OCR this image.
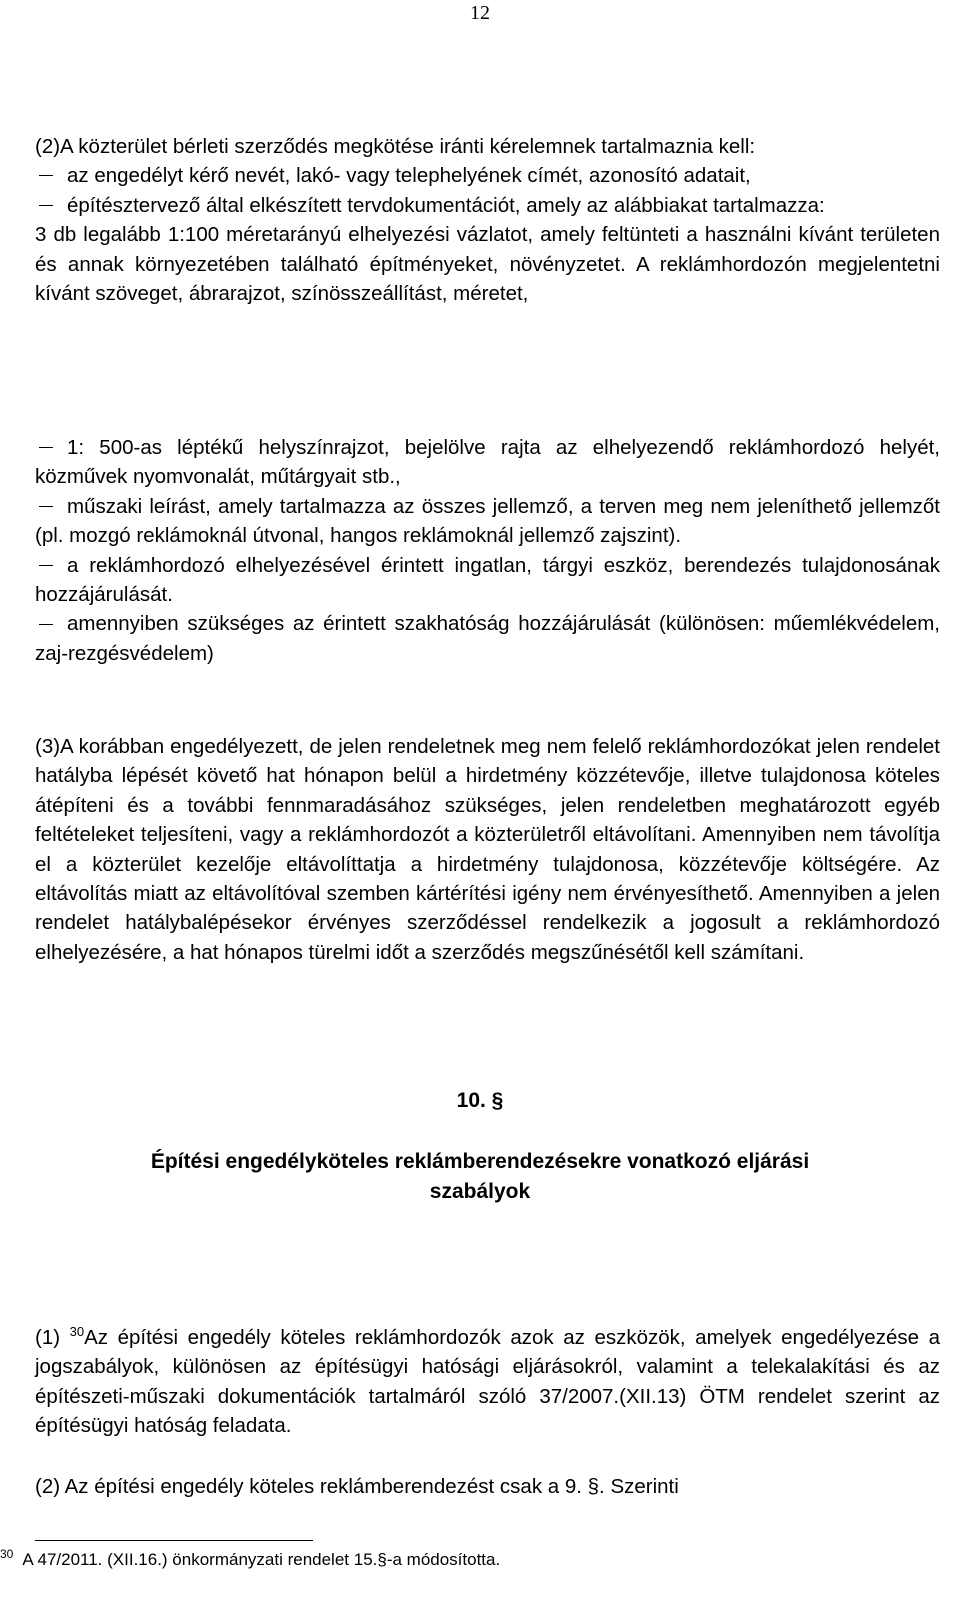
12

(2)A közterület bérleti szerződés megkötése iránti kérelemnek tartalmaznia kell:

az engedélyt kérő nevét, lakó- vagy telephelyének címét, azonosító adatait,

építésztervező által elkészített tervdokumentációt, amely az alábbiakat tartalmazza:

3 db legalább 1:100 méretarányú elhelyezési vázlatot, amely feltünteti a használni kívánt területen és annak környezetében található építményeket, növényzetet. A reklámhordozón megjelentetni kívánt szöveget, ábrarajzot, színösszeállítást, méretet,

1: 500-as léptékű helyszínrajzot, bejelölve rajta az elhelyezendő reklámhordozó helyét, közművek nyomvonalát, műtárgyait stb.,

műszaki leírást, amely tartalmazza az összes jellemző, a terven meg nem jeleníthető jellemzőt (pl. mozgó reklámoknál útvonal, hangos reklámoknál jellemző zajszint).

a reklámhordozó elhelyezésével érintett ingatlan, tárgyi eszköz, berendezés tulajdonosának hozzájárulását.

amennyiben szükséges az érintett szakhatóság hozzájárulását (különösen: műemlékvédelem, zaj-rezgésvédelem)

(3)A korábban engedélyezett, de jelen rendeletnek meg nem felelő reklámhordozókat jelen rendelet hatályba lépését követő hat hónapon belül a hirdetmény közzétevője, illetve tulajdonosa köteles átépíteni és a további fennmaradásához szükséges, jelen rendeletben meghatározott egyéb feltételeket teljesíteni, vagy a reklámhordozót a közterületről eltávolítani. Amennyiben nem távolítja el a közterület kezelője eltávolíttatja a hirdetmény tulajdonosa, közzétevője költségére. Az eltávolítás miatt az eltávolítóval szemben kártérítési igény nem érvényesíthető. Amennyiben a jelen rendelet hatálybalépésekor érvényes szerződéssel rendelkezik a jogosult a reklámhordozó elhelyezésére, a hat hónapos türelmi időt a szerződés megszűnésétől kell számítani.

10. §
Építési engedélyköteles reklámberendezésekre vonatkozó eljárási
szabályok

(1) $^{30}$Az építési engedély köteles reklámhordozók azok az eszközök, amelyek engedélyezése a jogszabályok, különösen az építésügyi hatósági eljárásokról, valamint a telekalakítási és az építészeti-műszaki dokumentációk tartalmáról szóló 37/2007.(XII.13) ÖTM rendelet szerint az építésügyi hatóság feladata.

(2) Az építési engedély köteles reklámberendezést csak a 9. §. Szerinti

$^{30}$ A 47/2011. (XII.16.) önkormányzati rendelet 15.§-a módosította.
